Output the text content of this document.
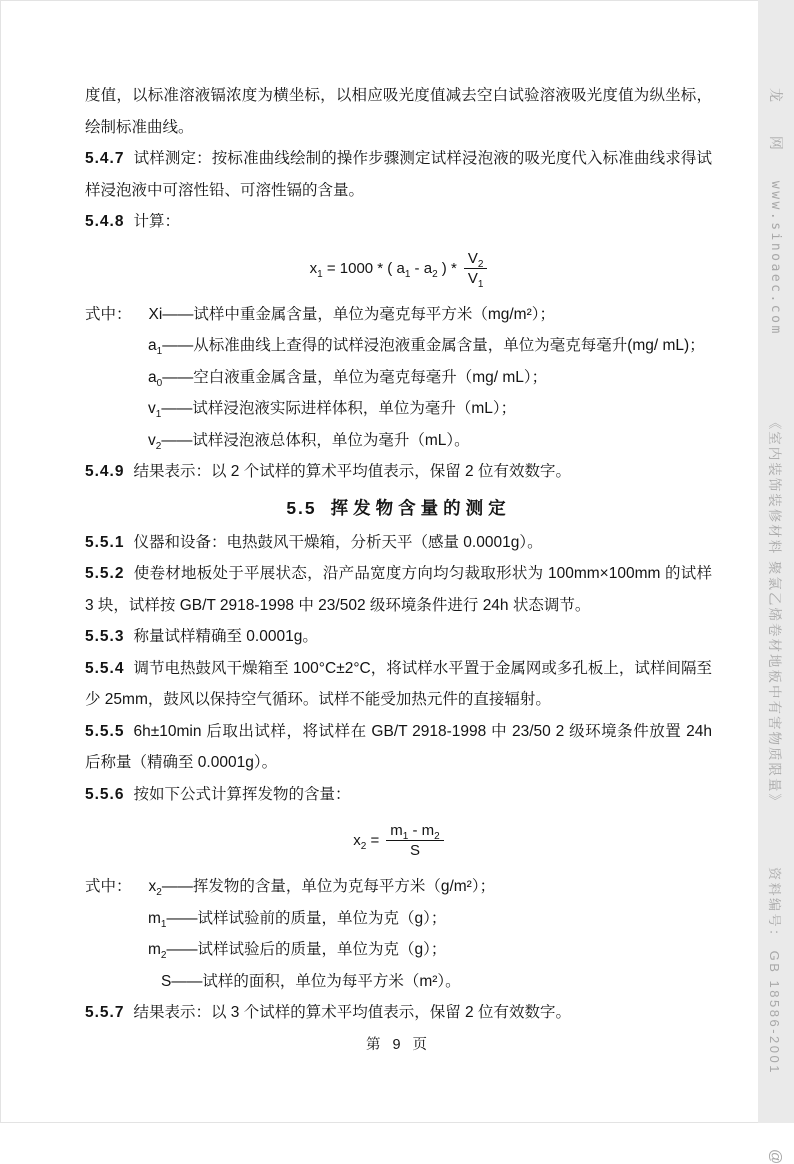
度值，以标准溶液镉浓度为横坐标，以相应吸光度值减去空白试验溶液吸光度值为纵坐标，绘制标准曲线。
5.4.7 试样测定：按标准曲线绘制的操作步骤测定试样浸泡液的吸光度代入标准曲线求得试样浸泡液中可溶性铅、可溶性镉的含量。
5.4.8 计算：
$x_1 = 1000$ * ( $a_1 - a_2$ ) * $\frac{V_2}{V_1}$
式中： Xi——试样中重金属含量，单位为毫克每平方米（mg/m²）；
$a_1——$从标准曲线上查得的试样浸泡液重金属含量，单位为毫克每毫升(mg/ mL)；
$a_0——$空白液重金属含量，单位为毫克每毫升（mg/ mL）；
$v_1——$试样浸泡液实际进样体积，单位为毫升（mL）；
$v_2——$试样浸泡液总体积，单位为毫升（mL）。
5.4.9 结果表示：以 2 个试样的算术平均值表示，保留 2 位有效数字。
5.5 挥发物含量的测定
5.5.1 仪器和设备：电热鼓风干燥箱，分析天平（感量 0.0001g）。
5.5.2 使卷材地板处于平展状态，沿产品宽度方向均匀裁取形状为 100mm×100mm 的试样 3 块，试样按 GB/T 2918-1998 中 23/502 级环境条件进行 24h 状态调节。
5.5.3 称量试样精确至 0.0001g。
5.5.4 调节电热鼓风干燥箱至 100°C±2°C，将试样水平置于金属网或多孔板上，试样间隔至少 25mm，鼓风以保持空气循环。试样不能受加热元件的直接辐射。
5.5.5 6h±10min 后取出试样，将试样在 GB/T 2918-1998 中 23/50 2 级环境条件放置 24h 后称量（精确至 0.0001g）。
5.5.6 按如下公式计算挥发物的含量：
$x_2 = \frac{m_1 - m_2}{S}$
式中： $x_2——$挥发物的含量，单位为克每平方米（g/m²）；
$m_1——$试样试验前的质量，单位为克（g）；
$m_2——$试样试验后的质量，单位为克（g）；
S——试样的面积，单位为每平方米（m²）。
5.5.7 结果表示：以 3 个试样的算术平均值表示，保留 2 位有效数字。
第 9 页
龙 网
www.sinoaec.com
《室内装饰装修材料 聚氯乙烯卷材地板中有害物质限量》
资料编号： GB 18586-2001
@
